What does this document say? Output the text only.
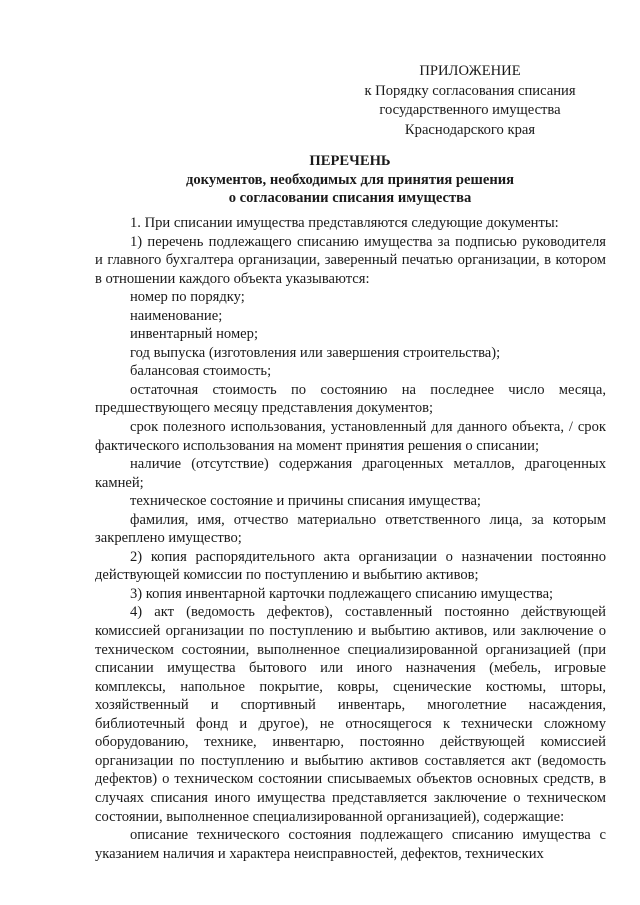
ПРИЛОЖЕНИЕ
к Порядку согласования списания
государственного имущества
Краснодарского края
ПЕРЕЧЕНЬ
документов, необходимых для принятия решения
о согласовании списания имущества

1. При списании имущества представляются следующие документы:

1) перечень подлежащего списанию имущества за подписью руководителя и главного бухгалтера организации, заверенный печатью организации, в котором в отношении каждого объекта указываются:

номер по порядку;

наименование;

инвентарный номер;

год выпуска (изготовления или завершения строительства);

балансовая стоимость;

остаточная стоимость по состоянию на последнее число месяца, предшествующего месяцу представления документов;

срок полезного использования, установленный для данного объекта, / срок фактического использования на момент принятия решения о списании;

наличие (отсутствие) содержания драгоценных металлов, драгоценных камней;

техническое состояние и причины списания имущества;

фамилия, имя, отчество материально ответственного лица, за которым закреплено имущество;

2) копия распорядительного акта организации о назначении постоянно действующей комиссии по поступлению и выбытию активов;

3) копия инвентарной карточки подлежащего списанию имущества;

4) акт (ведомость дефектов), составленный постоянно действующей комиссией организации по поступлению и выбытию активов, или заключение о техническом состоянии, выполненное специализированной организацией (при списании имущества бытового или иного назначения (мебель, игровые комплексы, напольное покрытие, ковры, сценические костюмы, шторы, хозяйственный и спортивный инвентарь, многолетние насаждения, библиотечный фонд и другое), не относящегося к технически сложному оборудованию, технике, инвентарю, постоянно действующей комиссией организации по поступлению и выбытию активов составляется акт (ведомость дефектов) о техническом состоянии списываемых объектов основных средств, в случаях списания иного имущества представляется заключение о техническом состоянии, выполненное специализированной организацией), содержащие:

описание технического состояния подлежащего списанию имущества с указанием наличия и характера неисправностей, дефектов, технических
